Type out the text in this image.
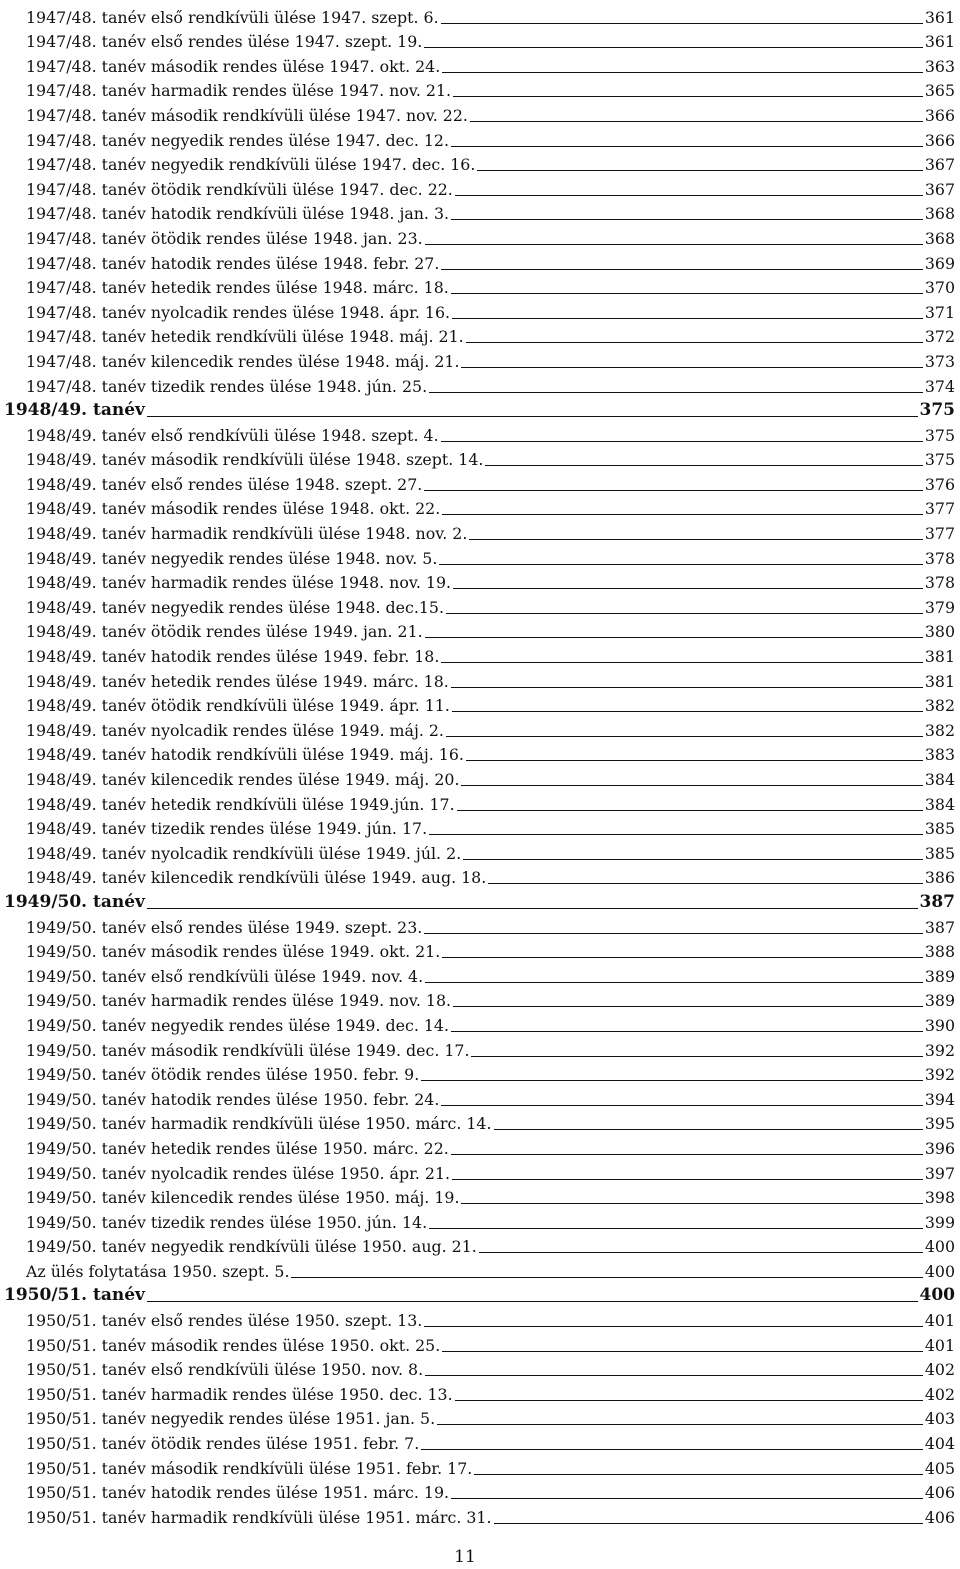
1947/48. tanév első rendkívüli ülése 1947. szept. 6.	361
1947/48. tanév első rendes ülése 1947. szept. 19.	361
1947/48. tanév második rendes ülése 1947. okt. 24.	363
1947/48. tanév harmadik rendes ülése 1947. nov. 21.	365
1947/48. tanév második rendkívüli ülése 1947. nov. 22.	366
1947/48. tanév negyedik rendes ülése 1947. dec. 12.	366
1947/48. tanév negyedik rendkívüli ülése 1947. dec. 16.	367
1947/48. tanév ötödik rendkívüli ülése 1947. dec. 22.	367
1947/48. tanév hatodik rendkívüli ülése 1948. jan. 3.	368
1947/48. tanév ötödik rendes ülése 1948. jan. 23.	368
1947/48. tanév hatodik rendes ülése 1948. febr. 27.	369
1947/48. tanév hetedik rendes ülése 1948. márc. 18.	370
1947/48. tanév nyolcadik rendes ülése 1948. ápr. 16.	371
1947/48. tanév hetedik rendkívüli ülése 1948. máj. 21.	372
1947/48. tanév kilencedik rendes ülése 1948. máj. 21.	373
1947/48. tanév tizedik rendes ülése 1948. jún. 25.	374
1948/49. tanév	375
1948/49. tanév első rendkívüli ülése 1948. szept. 4.	375
1948/49. tanév második rendkívüli ülése 1948. szept. 14.	375
1948/49. tanév első rendes ülése 1948. szept. 27.	376
1948/49. tanév második rendes ülése 1948. okt. 22.	377
1948/49. tanév harmadik rendkívüli ülése 1948. nov. 2.	377
1948/49. tanév negyedik rendes ülése 1948. nov. 5.	378
1948/49. tanév harmadik rendes ülése 1948. nov. 19.	378
1948/49. tanév negyedik rendes ülése 1948. dec.15.	379
1948/49. tanév ötödik rendes ülése 1949. jan. 21.	380
1948/49. tanév hatodik rendes ülése 1949. febr. 18.	381
1948/49. tanév hetedik rendes ülése 1949. márc. 18.	381
1948/49. tanév ötödik rendkívüli ülése 1949. ápr. 11.	382
1948/49. tanév nyolcadik rendes ülése 1949. máj. 2.	382
1948/49. tanév hatodik rendkívüli ülése 1949. máj. 16.	383
1948/49. tanév kilencedik rendes ülése 1949. máj. 20.	384
1948/49. tanév hetedik rendkívüli ülése 1949.jún. 17.	384
1948/49. tanév tizedik rendes ülése 1949. jún. 17.	385
1948/49. tanév nyolcadik rendkívüli ülése 1949. júl. 2.	385
1948/49. tanév kilencedik rendkívüli ülése 1949. aug. 18.	386
1949/50. tanév	387
1949/50. tanév első rendes ülése 1949. szept. 23.	387
1949/50. tanév második rendes ülése 1949. okt. 21.	388
1949/50. tanév első rendkívüli ülése 1949. nov. 4.	389
1949/50. tanév harmadik rendes ülése 1949. nov. 18.	389
1949/50. tanév negyedik rendes ülése 1949. dec. 14.	390
1949/50. tanév második rendkívüli ülése 1949. dec. 17.	392
1949/50. tanév ötödik rendes ülése 1950. febr. 9.	392
1949/50. tanév hatodik rendes ülése 1950. febr. 24.	394
1949/50. tanév harmadik rendkívüli ülése 1950. márc. 14.	395
1949/50. tanév hetedik rendes ülése 1950. márc. 22.	396
1949/50. tanév nyolcadik rendes ülése 1950. ápr. 21.	397
1949/50. tanév kilencedik rendes ülése 1950. máj. 19.	398
1949/50. tanév tizedik rendes ülése 1950. jún. 14.	399
1949/50. tanév negyedik rendkívüli ülése 1950. aug. 21.	400
Az ülés folytatása 1950. szept. 5.	400
1950/51. tanév	400
1950/51. tanév első rendes ülése 1950. szept. 13.	401
1950/51. tanév második rendes ülése 1950. okt. 25.	401
1950/51. tanév első rendkívüli ülése 1950. nov. 8.	402
1950/51. tanév harmadik rendes ülése 1950. dec. 13.	402
1950/51. tanév negyedik rendes ülése 1951. jan. 5.	403
1950/51. tanév ötödik rendes ülése 1951. febr. 7.	404
1950/51. tanév második rendkívüli ülése 1951. febr. 17.	405
1950/51. tanév hatodik rendes ülése 1951. márc. 19.	406
1950/51. tanév harmadik rendkívüli ülése 1951. márc. 31.	406
11
